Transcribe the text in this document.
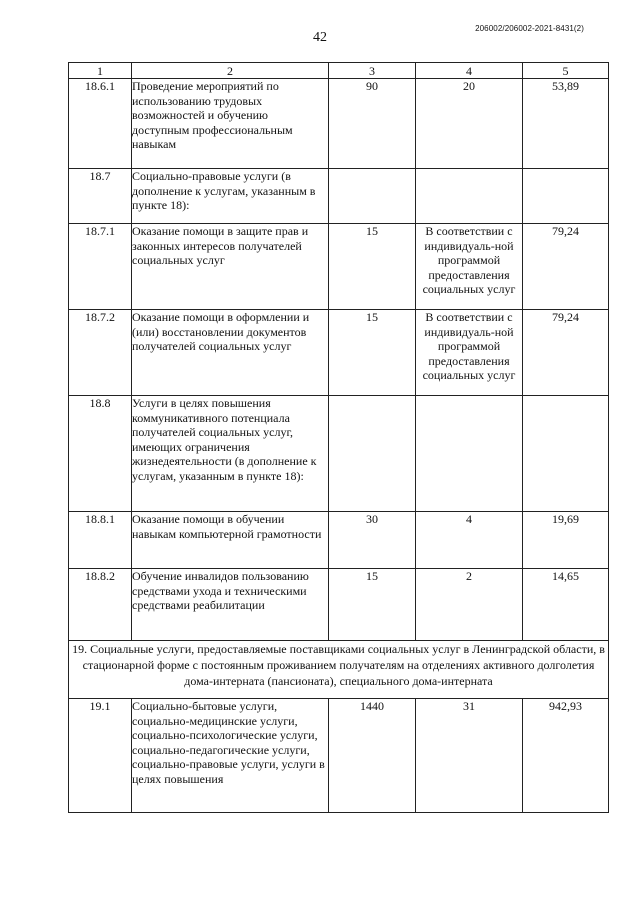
42
206002/206002-2021-8431(2)
1	2	3	4	5
18.6.1	Проведение мероприятий по использованию трудовых возможностей и обучению доступным профессиональным навыкам	90	20	53,89
18.7	Социально-правовые услуги (в дополнение к услугам, указанным в пункте 18):			
18.7.1	Оказание помощи в защите прав и законных интересов получателей социальных услуг	15	В соответствии с индивидуаль-ной программой предоставления социальных услуг	79,24
18.7.2	Оказание помощи в оформлении и (или) восстановлении документов получателей социальных услуг	15	В соответствии с индивидуаль-ной программой предоставления социальных услуг	79,24
18.8	Услуги в целях повышения коммуникативного потенциала получателей социальных услуг, имеющих ограничения жизнедеятельности (в дополнение к услугам, указанным в пункте 18):			
18.8.1	Оказание помощи в обучении навыкам компьютерной грамотности	30	4	19,69
18.8.2	Обучение инвалидов пользованию средствами ухода и техническими средствами реабилитации	15	2	14,65
19. Социальные услуги, предоставляемые поставщиками социальных услуг в Ленинградской области, в стационарной форме с постоянным проживанием получателям на отделениях активного долголетия дома-интерната (пансионата), специального дома-интерната				
19.1	Социально-бытовые услуги, социально-медицинские услуги, социально-психологические услуги, социально-педагогические услуги, социально-правовые услуги, услуги в целях повышения	1440	31	942,93
